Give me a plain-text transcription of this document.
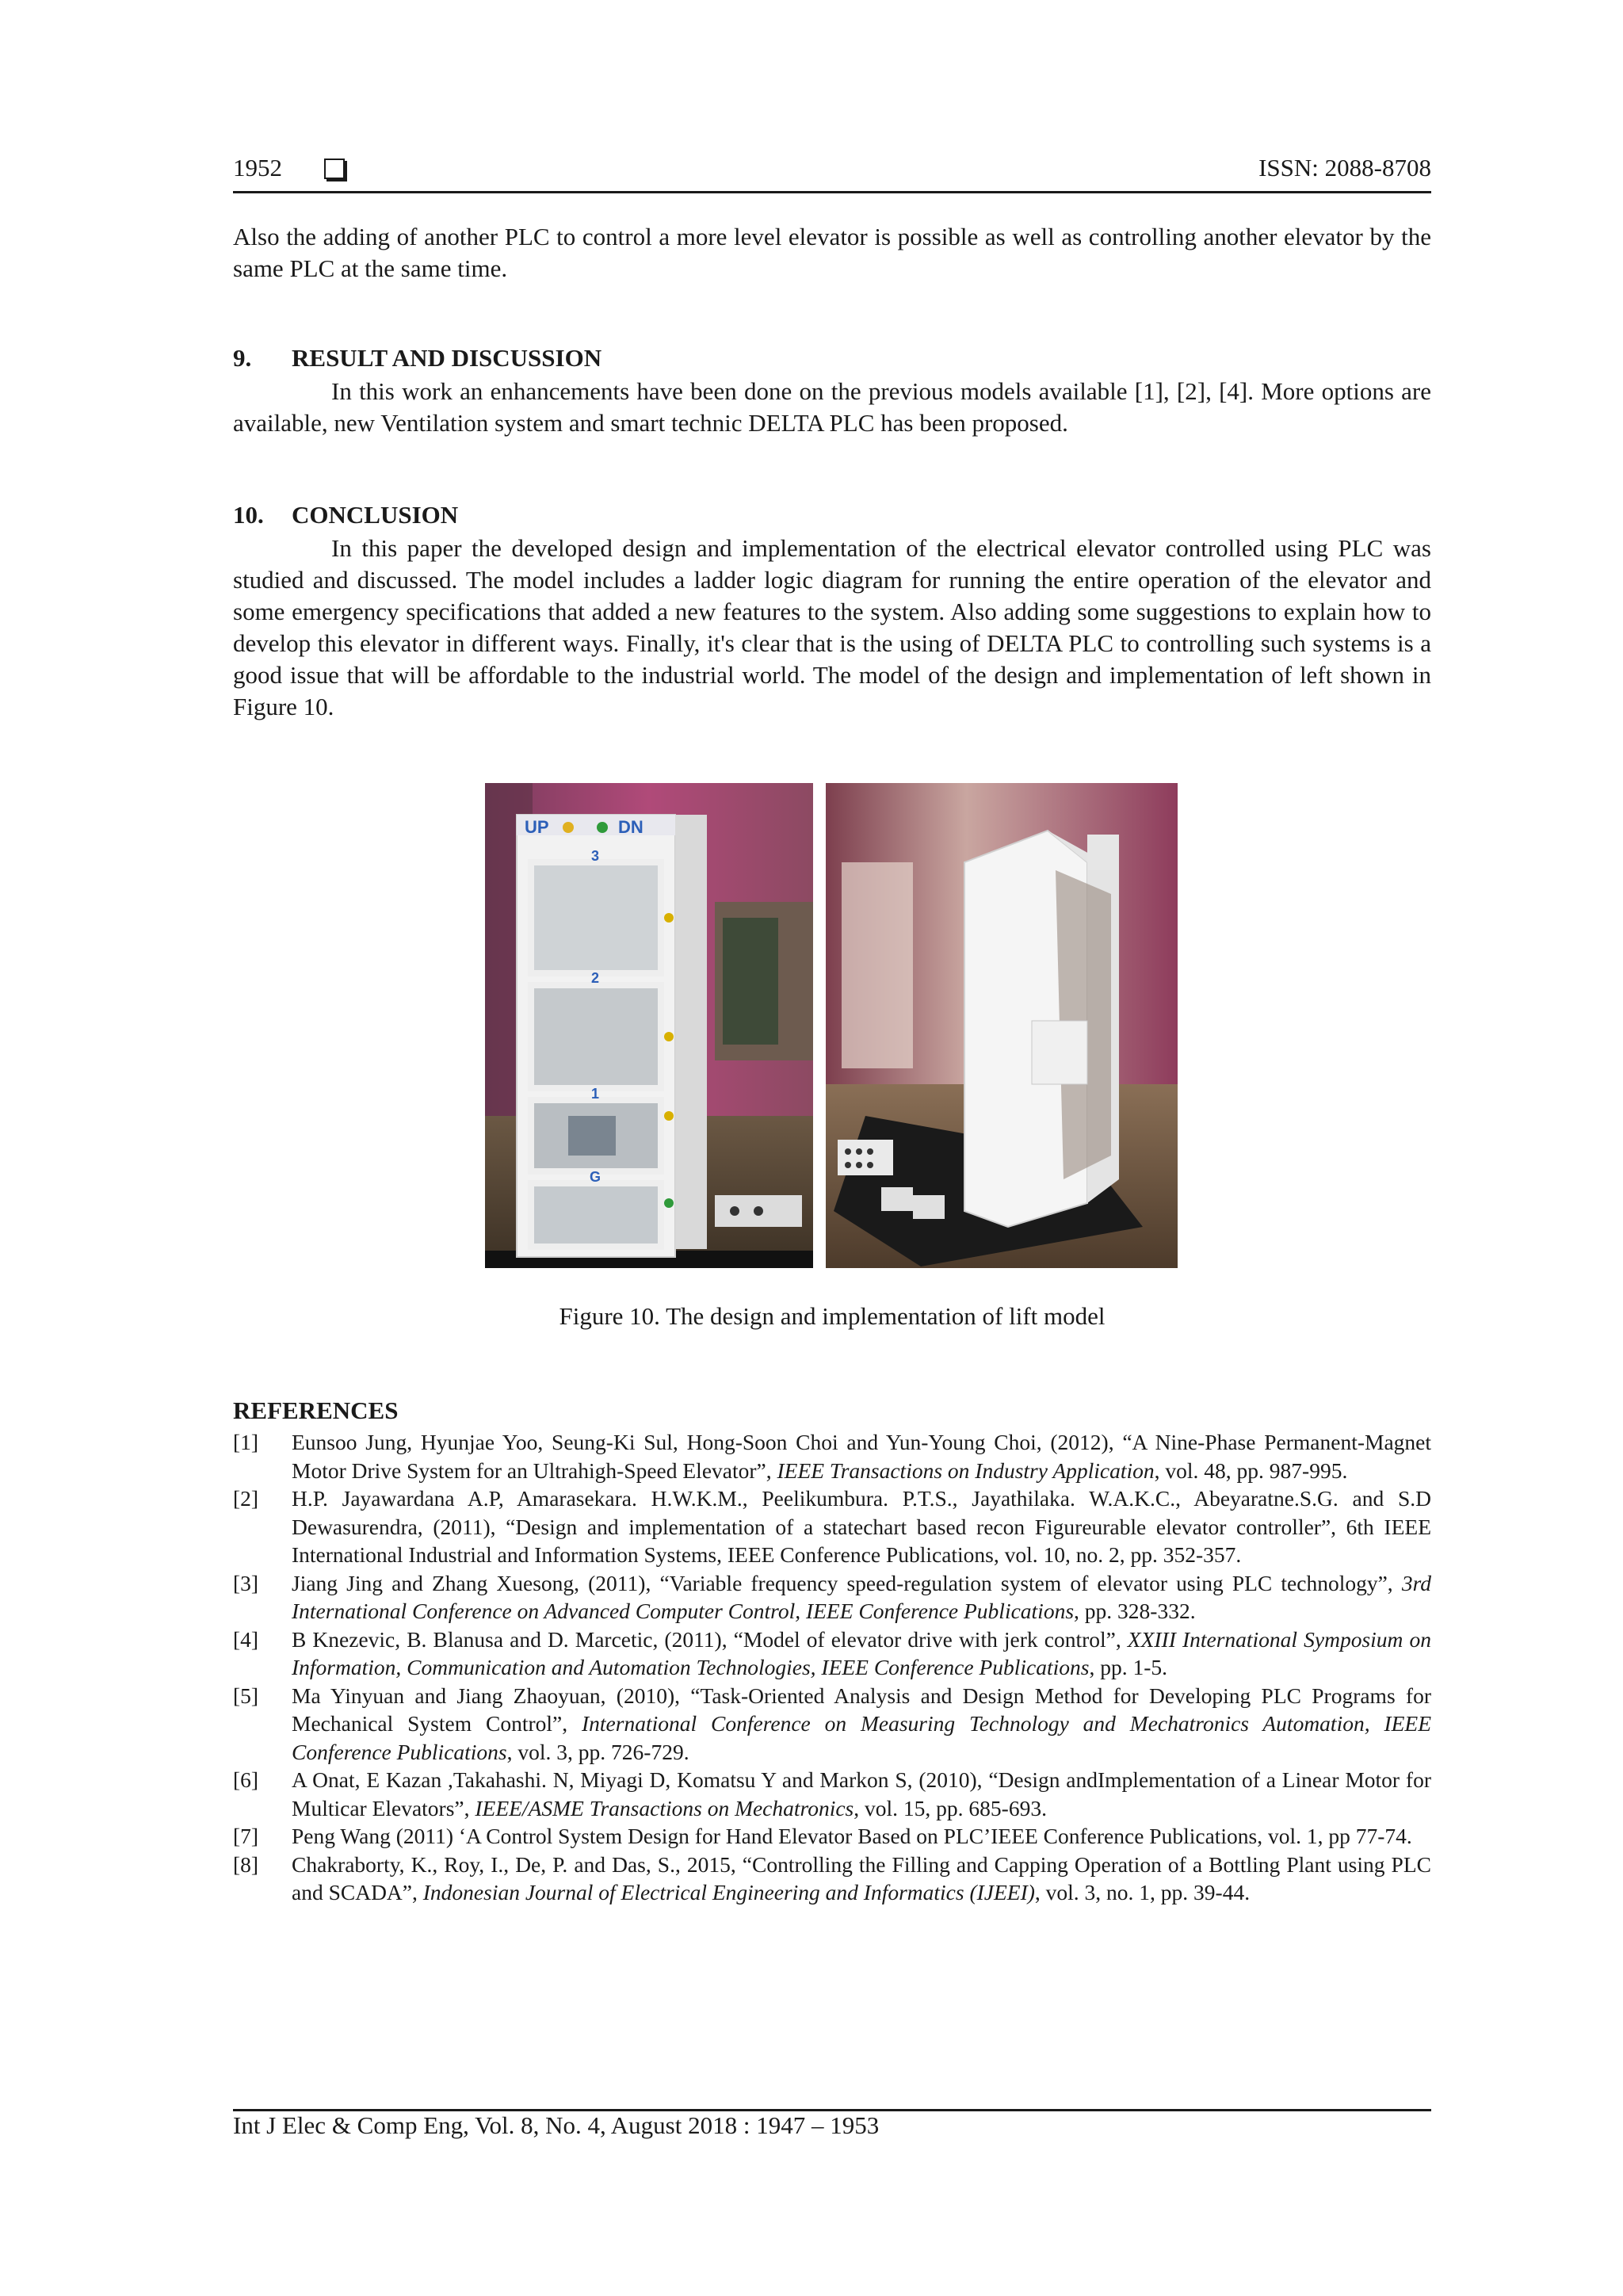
1952	ISSN: 2088-8708

Also the adding of another PLC to control a more level elevator is possible as well as controlling another elevator by the same PLC at the same time.

9. RESULT AND DISCUSSION

In this work an enhancements have been done on the previous models available [1], [2], [4]. More options are available, new Ventilation system and smart technic DELTA PLC has been proposed.

10. CONCLUSION

In this paper the developed design and implementation of the electrical elevator controlled using PLC was studied and discussed. The model includes a ladder logic diagram for running the entire operation of the elevator and some emergency specifications that added a new features to the system. Also adding some suggestions to explain how to develop this elevator in different ways. Finally, it's clear that is the using of DELTA PLC to controlling such systems is a good issue that will be affordable to the industrial world. The model of the design and implementation of left shown in Figure 10.

UP	DN
3
2
1
G

Figure 10. The design and implementation of lift model

REFERENCES

[1] Eunsoo Jung, Hyunjae Yoo, Seung-Ki Sul, Hong-Soon Choi and Yun-Young Choi, (2012), “A Nine-Phase Permanent-Magnet Motor Drive System for an Ultrahigh-Speed Elevator”, IEEE Transactions on Industry Application, vol. 48, pp. 987-995.
[2] H.P. Jayawardana A.P, Amarasekara. H.W.K.M., Peelikumbura. P.T.S., Jayathilaka. W.A.K.C., Abeyaratne.S.G. and S.D Dewasurendra, (2011), “Design and implementation of a statechart based recon Figureurable elevator controller”, 6th IEEE International Industrial and Information Systems, IEEE Conference Publications, vol. 10, no. 2, pp. 352-357.
[3] Jiang Jing and Zhang Xuesong, (2011), “Variable frequency speed-regulation system of elevator using PLC technology”, 3rd International Conference on Advanced Computer Control, IEEE Conference Publications, pp. 328-332.
[4] B Knezevic, B. Blanusa and D. Marcetic, (2011), “Model of elevator drive with jerk control”, XXIII International Symposium on Information, Communication and Automation Technologies, IEEE Conference Publications, pp. 1-5.
[5] Ma Yinyuan and Jiang Zhaoyuan, (2010), “Task-Oriented Analysis and Design Method for Developing PLC Programs for Mechanical System Control”, International Conference on Measuring Technology and Mechatronics Automation, IEEE Conference Publications, vol. 3, pp. 726-729.
[6] A Onat, E Kazan ,Takahashi. N, Miyagi D, Komatsu Y and Markon S, (2010), “Design andImplementation of a Linear Motor for Multicar Elevators”, IEEE/ASME Transactions on Mechatronics, vol. 15, pp. 685-693.
[7] Peng Wang (2011) ‘A Control System Design for Hand Elevator Based on PLC’IEEE Conference Publications, vol. 1, pp 77-74.
[8] Chakraborty, K., Roy, I., De, P. and Das, S., 2015, “Controlling the Filling and Capping Operation of a Bottling Plant using PLC and SCADA”, Indonesian Journal of Electrical Engineering and Informatics (IJEEI), vol. 3, no. 1, pp. 39-44.

Int J Elec & Comp Eng, Vol. 8, No. 4, August 2018 : 1947 – 1953
